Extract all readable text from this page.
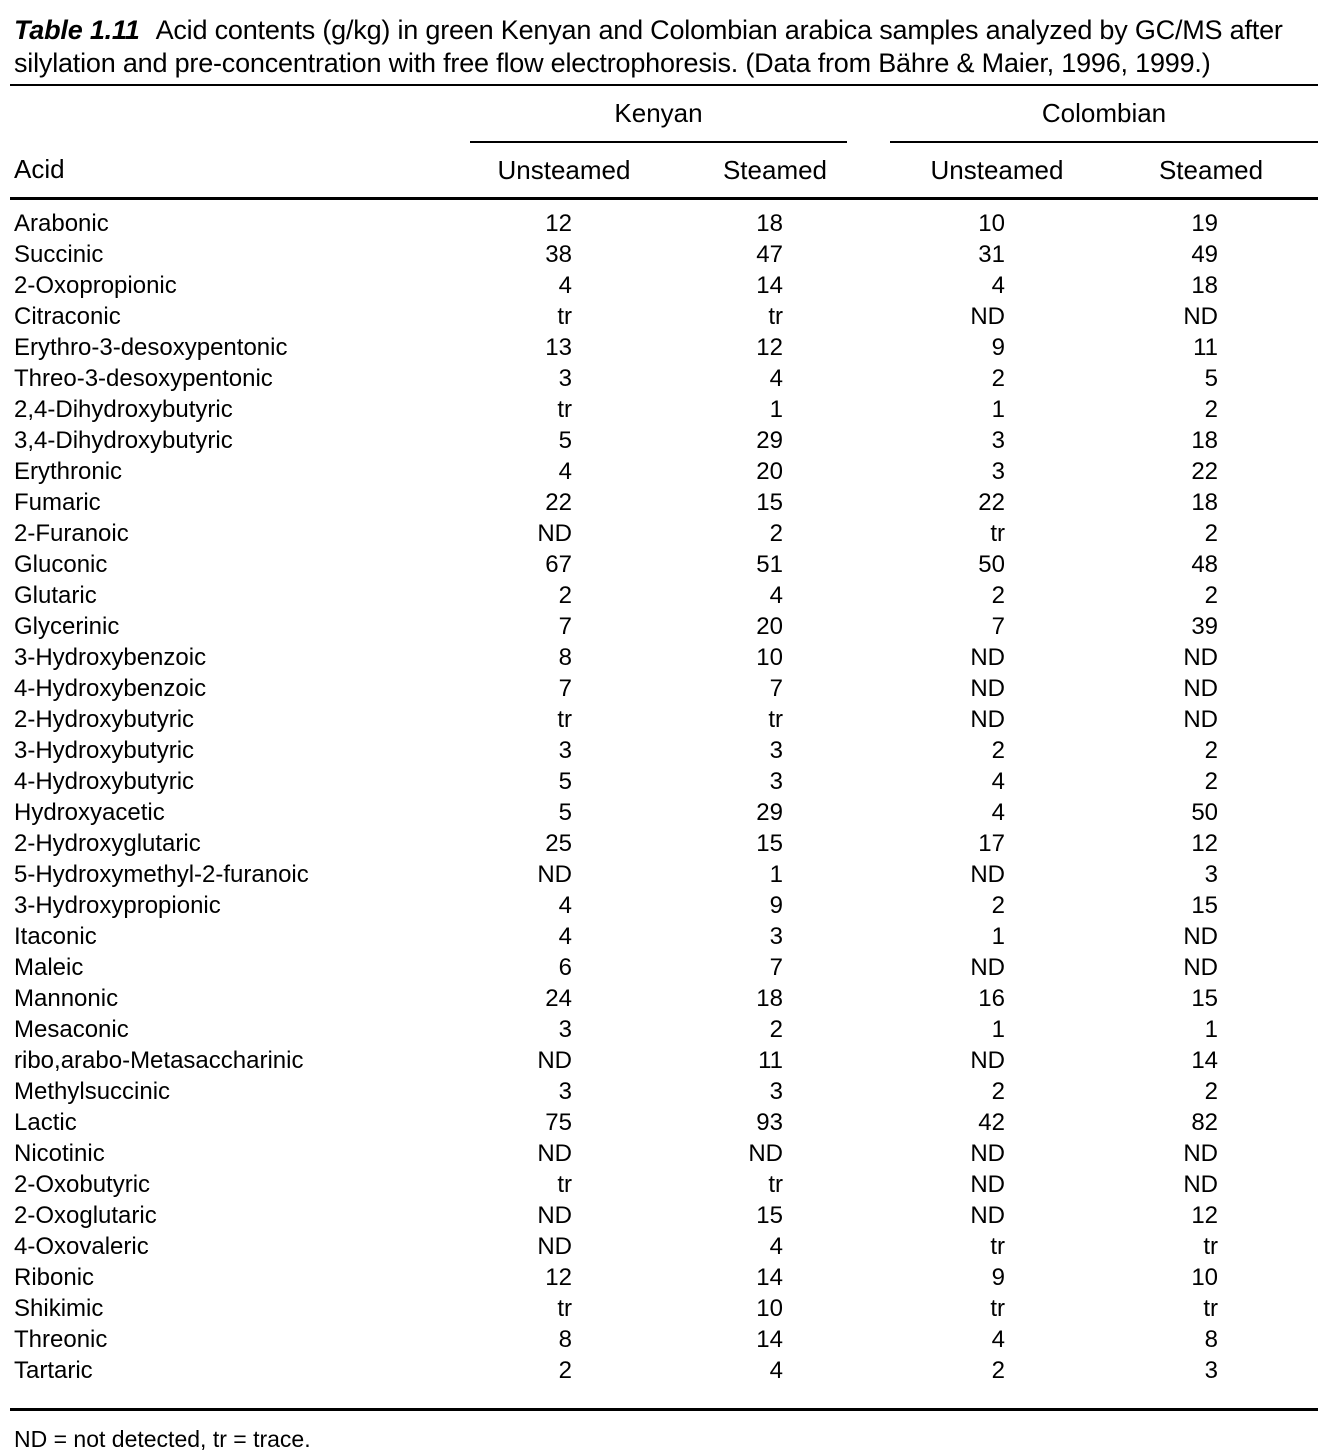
Table 1.11 Acid contents (g/kg) in green Kenyan and Colombian arabica samples analyzed by GC/MS after silylation and pre-concentration with free flow electrophoresis. (Data from Bähre & Maier, 1996, 1999.)

	Kenyan			Colombian	
Acid	Unsteamed	Steamed		Unsteamed	Steamed
Arabonic	12	18		10	19
Succinic	38	47		31	49
2-Oxopropionic	4	14		4	18
Citraconic	tr	tr		ND	ND
Erythro-3-desoxypentonic	13	12		9	11
Threo-3-desoxypentonic	3	4		2	5
2,4-Dihydroxybutyric	tr	1		1	2
3,4-Dihydroxybutyric	5	29		3	18
Erythronic	4	20		3	22
Fumaric	22	15		22	18
2-Furanoic	ND	2		tr	2
Gluconic	67	51		50	48
Glutaric	2	4		2	2
Glycerinic	7	20		7	39
3-Hydroxybenzoic	8	10		ND	ND
4-Hydroxybenzoic	7	7		ND	ND
2-Hydroxybutyric	tr	tr		ND	ND
3-Hydroxybutyric	3	3		2	2
4-Hydroxybutyric	5	3		4	2
Hydroxyacetic	5	29		4	50
2-Hydroxyglutaric	25	15		17	12
5-Hydroxymethyl-2-furanoic	ND	1		ND	3
3-Hydroxypropionic	4	9		2	15
Itaconic	4	3		1	ND
Maleic	6	7		ND	ND
Mannonic	24	18		16	15
Mesaconic	3	2		1	1
ribo,arabo-Metasaccharinic	ND	11		ND	14
Methylsuccinic	3	3		2	2
Lactic	75	93		42	82
Nicotinic	ND	ND		ND	ND
2-Oxobutyric	tr	tr		ND	ND
2-Oxoglutaric	ND	15		ND	12
4-Oxovaleric	ND	4		tr	tr
Ribonic	12	14		9	10
Shikimic	tr	10		tr	tr
Threonic	8	14		4	8
Tartaric	2	4		2	3

ND = not detected, tr = trace.
